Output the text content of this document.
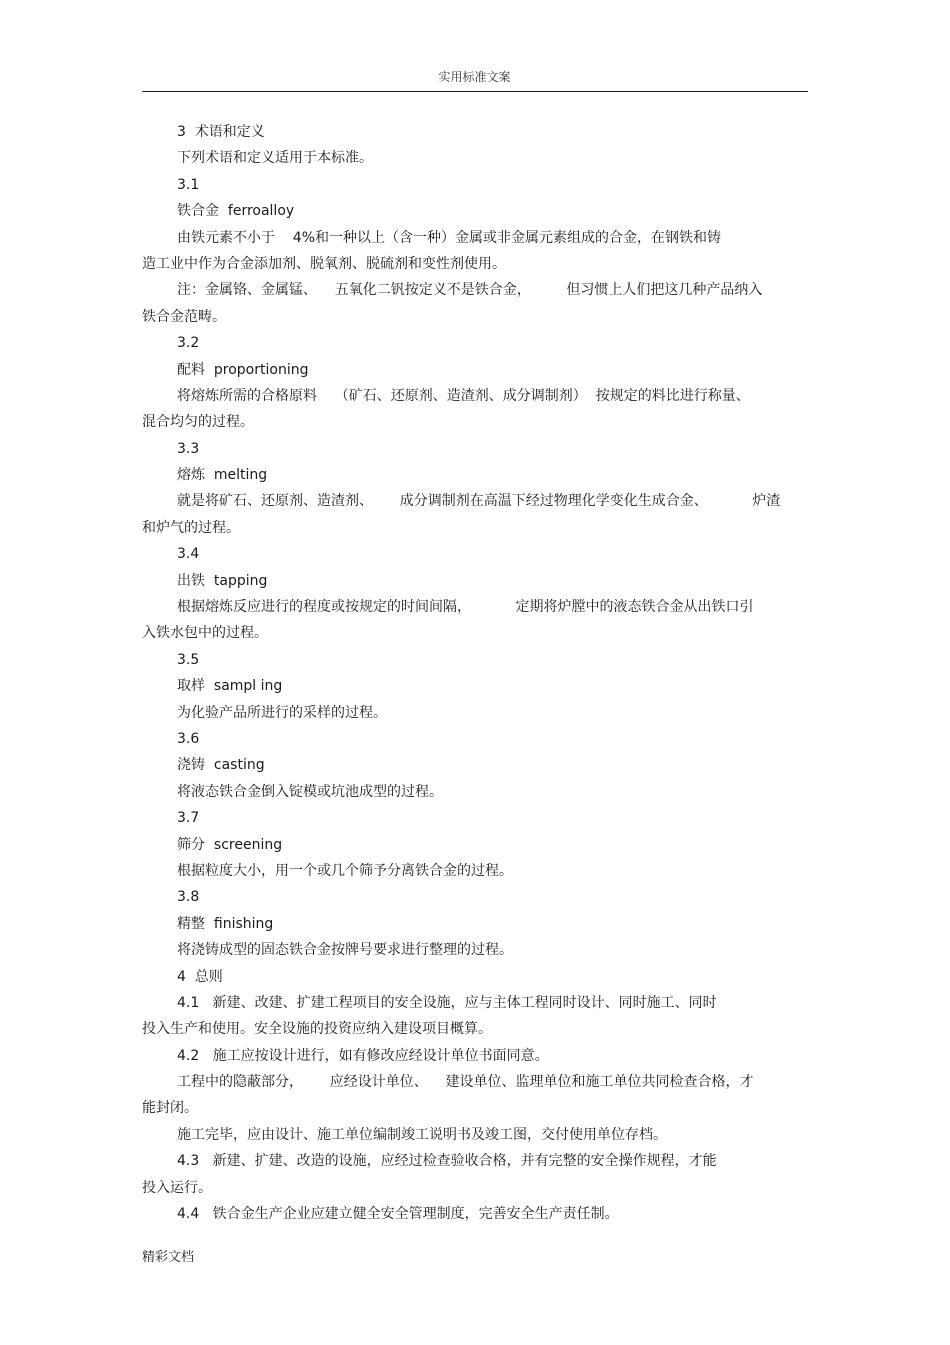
实用标准文案
3  术语和定义
下列术语和定义适用于本标准。
3.1
铁合金  ferroalloy
由铁元素不小于    4%和一种以上（含一种）金属或非金属元素组成的合金，在钢铁和铸
造工业中作为合金添加剂、脱氧剂、脱硫剂和变性剂使用。
注：金属铬、金属锰、    五氧化二钒按定义不是铁合金，        但习惯上人们把这几种产品纳入
铁合金范畴。
3.2
配料  proportioning
将熔炼所需的合格原料    （矿石、还原剂、造渣剂、成分调制剂）  按规定的料比进行称量、
混合均匀的过程。
3.3
熔炼  melting
就是将矿石、还原剂、造渣剂、      成分调制剂在高温下经过物理化学变化生成合金、          炉渣
和炉气的过程。
3.4
出铁  tapping
根据熔炼反应进行的程度或按规定的时间间隔，          定期将炉膛中的液态铁合金从出铁口引
入铁水包中的过程。
3.5
取样  sampl ing
为化验产品所进行的采样的过程。
3.6
浇铸  casting
将液态铁合金倒入锭模或坑池成型的过程。
3.7
筛分  screening
根据粒度大小，用一个或几个筛予分离铁合金的过程。
3.8
精整  finishing
将浇铸成型的固态铁合金按牌号要求进行整理的过程。
4  总则
4.1   新建、改建、扩建工程项目的安全设施，应与主体工程同时设计、同时施工、同时
投入生产和使用。安全设施的投资应纳入建设项目概算。
4.2   施工应按设计进行，如有修改应经设计单位书面同意。
工程中的隐蔽部分，      应经设计单位、    建设单位、监理单位和施工单位共同检查合格，才
能封闭。
施工完毕，应由设计、施工单位编制竣工说明书及竣工图，交付使用单位存档。
4.3   新建、扩建、改造的设施，应经过检查验收合格，并有完整的安全操作规程，才能
投入运行。
4.4   铁合金生产企业应建立健全安全管理制度，完善安全生产责任制。
精彩文档
